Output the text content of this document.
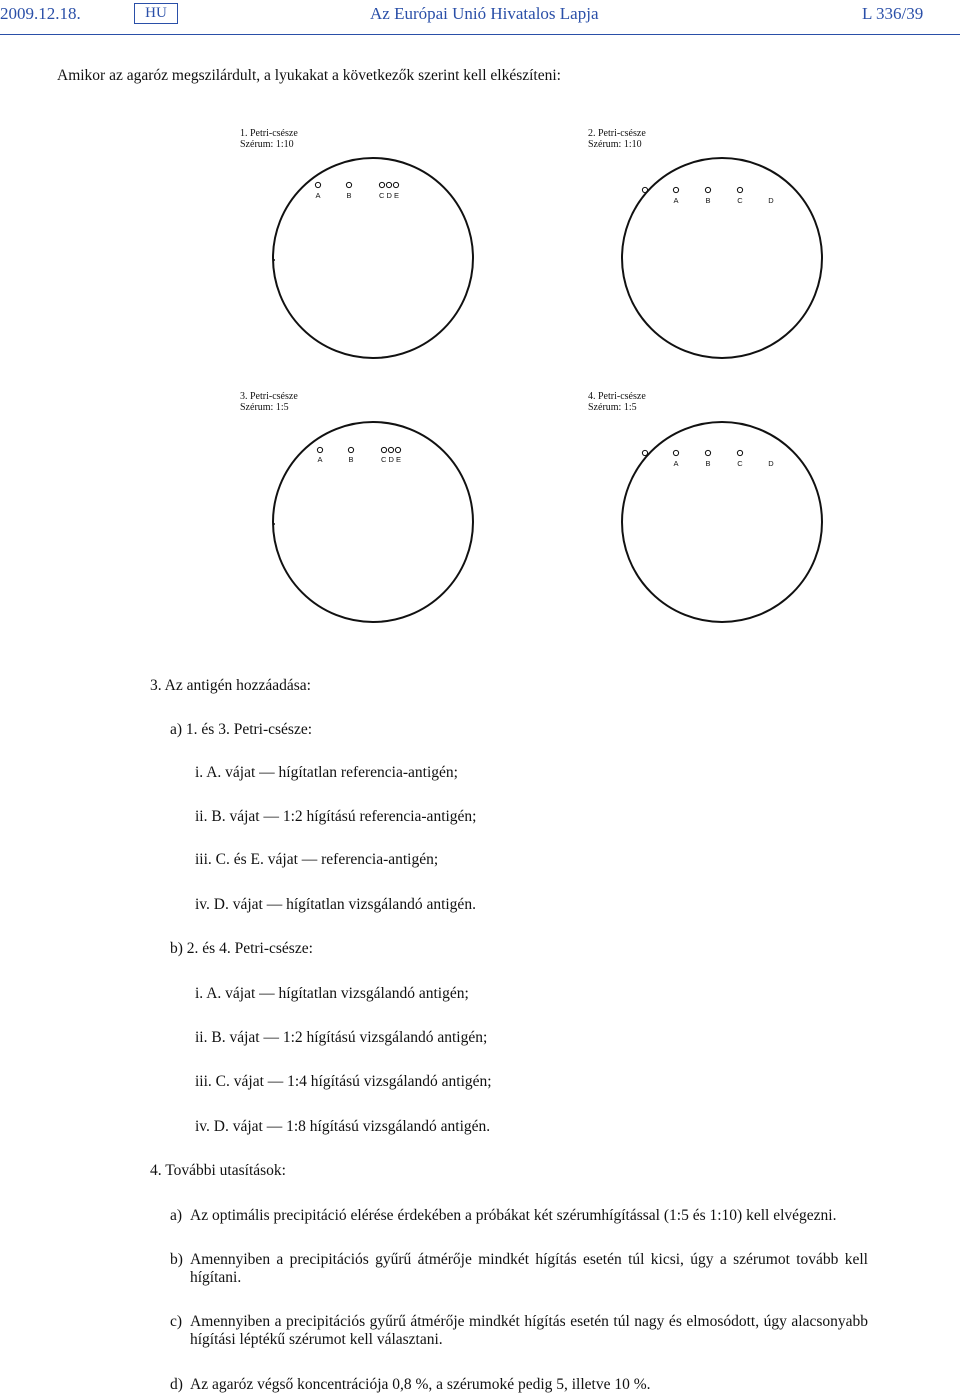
2009.12.18.	HU	Az Európai Unió Hivatalos Lapja	L 336/39
Amikor az agaróz megszilárdult, a lyukakat a következők szerint kell elkészíteni:
1. Petri-csésze
Szérum: 1:10
2. Petri-csésze
Szérum: 1:10
3. Petri-csésze
Szérum: 1:5
4. Petri-csésze
Szérum: 1:5
A	B	C D E
A	B	C	D
A	B	C D E	A	B	C	D
3. Az antigén hozzáadása:
a) 1. és 3. Petri-csésze:
i. A. vájat — hígítatlan referencia-antigén;
ii. B. vájat — 1:2 hígítású referencia-antigén;
iii. C. és E. vájat — referencia-antigén;
iv. D. vájat — hígítatlan vizsgálandó antigén.
b) 2. és 4. Petri-csésze:
i. A. vájat — hígítatlan vizsgálandó antigén;
ii. B. vájat — 1:2 hígítású vizsgálandó antigén;
iii. C. vájat — 1:4 hígítású vizsgálandó antigén;
iv. D. vájat — 1:8 hígítású vizsgálandó antigén.
4. További utasítások:
a) Az optimális precipitáció elérése érdekében a próbákat két szérumhígítással (1:5 és 1:10) kell elvégezni.
b) Amennyiben a precipitációs gyűrű átmérője mindkét hígítás esetén túl kicsi, úgy a szérumot tovább kell hígítani.
c) Amennyiben a precipitációs gyűrű átmérője mindkét hígítás esetén túl nagy és elmosódott, úgy alacsonyabb hígítási léptékű szérumot kell választani.
d) Az agaróz végső koncentrációja 0,8 %, a szérumoké pedig 5, illetve 10 %.
